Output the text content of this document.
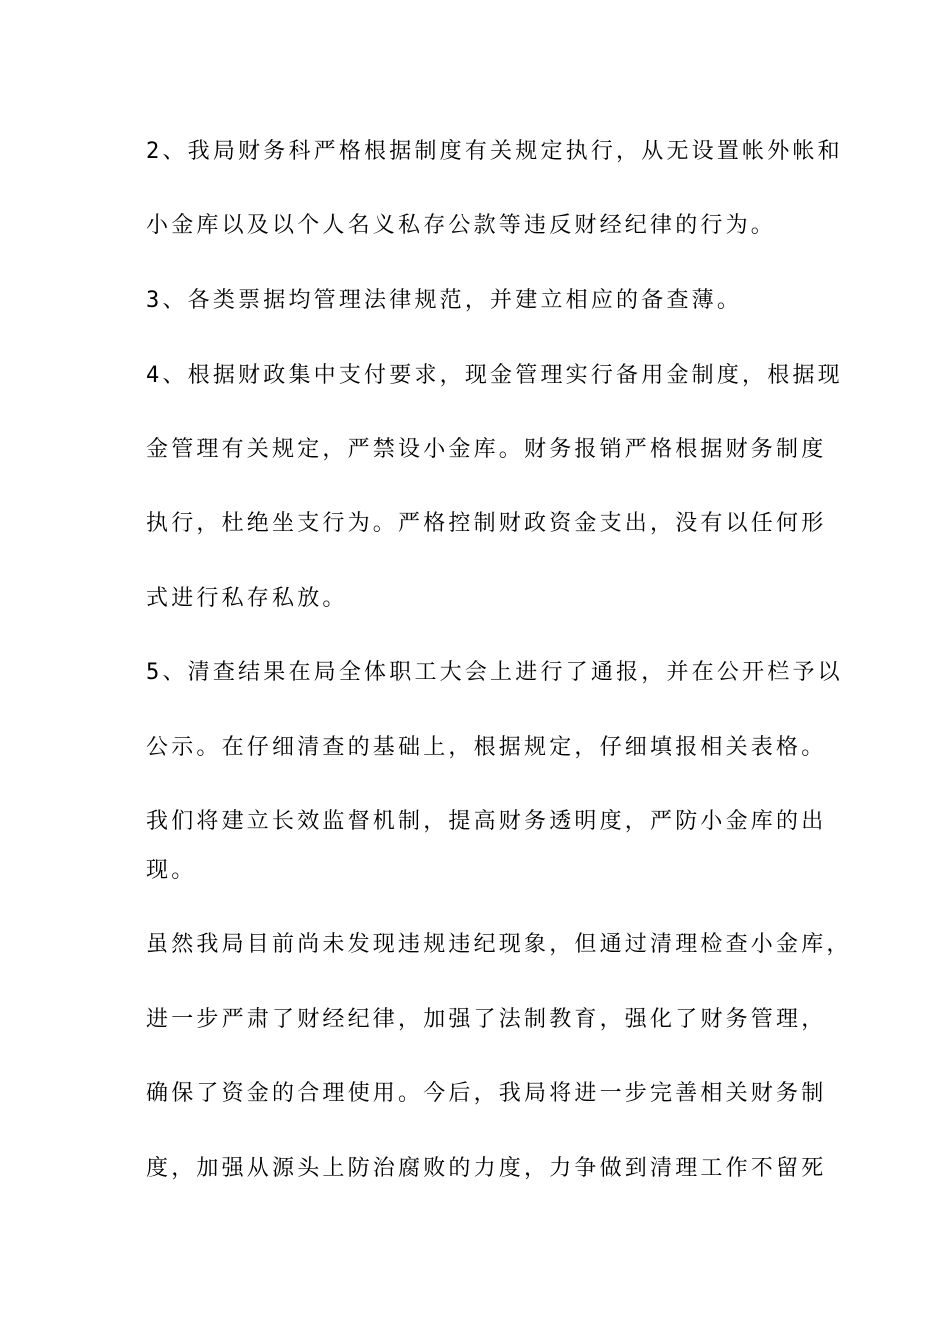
2、我局财务科严格根据制度有关规定执行，从无设置帐外帐和
小金库以及以个人名义私存公款等违反财经纪律的行为。
3、各类票据均管理法律规范，并建立相应的备查薄。
4、根据财政集中支付要求，现金管理实行备用金制度，根据现
金管理有关规定，严禁设小金库。财务报销严格根据财务制度
执行，杜绝坐支行为。严格控制财政资金支出，没有以任何形
式进行私存私放。
5、清查结果在局全体职工大会上进行了通报，并在公开栏予以
公示。在仔细清查的基础上，根据规定，仔细填报相关表格。
我们将建立长效监督机制，提高财务透明度，严防小金库的出
现。
虽然我局目前尚未发现违规违纪现象，但通过清理检查小金库，
进一步严肃了财经纪律，加强了法制教育，强化了财务管理，
确保了资金的合理使用。今后，我局将进一步完善相关财务制
度，加强从源头上防治腐败的力度，力争做到清理工作不留死
